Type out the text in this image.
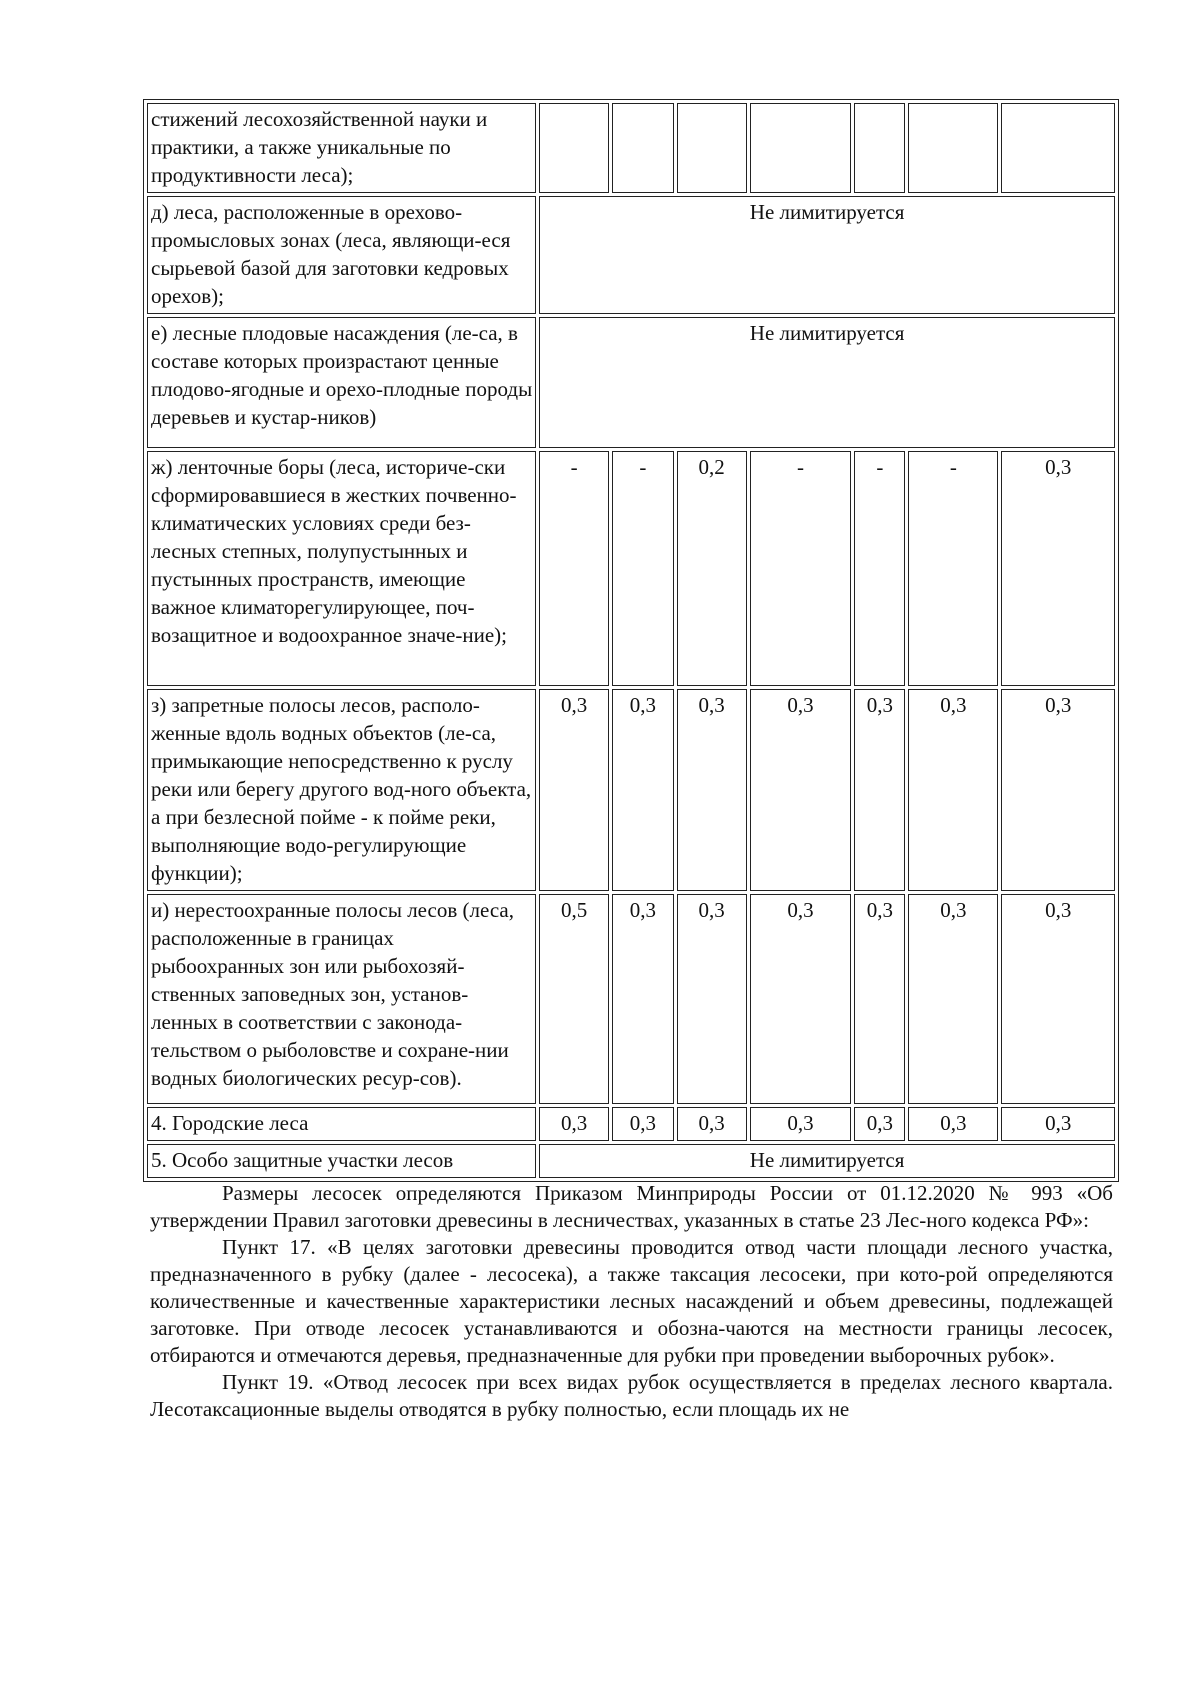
стижений лесохозяйственной науки и практики, а также уникальные по продуктивности леса);							
д) леса, расположенные в орехово-промысловых зонах (леса, являющи-еся сырьевой базой для заготовки кедровых орехов);	Не лимитируется						
е) лесные плодовые насаждения (ле-са, в составе которых произрастают ценные плодово-ягодные и орехо-плодные породы деревьев и кустар-ников)	Не лимитируется						
ж) ленточные боры (леса, историче-ски сформировавшиеся в жестких почвенно-климатических условиях среди без-лесных степных, полупустынных и пустынных пространств, имеющие важное климаторегулирующее, поч-возащитное и водоохранное значе-ние);	-	-	0,2	-	-	-	0,3
з) запретные полосы лесов, располо-женные вдоль водных объектов (ле-са, примыкающие непосредственно к руслу реки или берегу другого вод-ного объекта, а при безлесной пойме - к пойме реки, выполняющие водо-регулирующие функции);	0,3	0,3	0,3	0,3	0,3	0,3	0,3
и) нерестоохранные полосы лесов (леса, расположенные в границах рыбоохранных зон или рыбохозяй-ственных заповедных зон, установ-ленных в соответствии с законода-тельством о рыболовстве и сохране-нии водных биологических ресур-сов).	0,5	0,3	0,3	0,3	0,3	0,3	0,3
4. Городские леса	0,3	0,3	0,3	0,3	0,3	0,3	0,3
5. Особо защитные участки лесов	Не лимитируется						

Размеры лесосек определяются Приказом Минприроды России от 01.12.2020 № 993 «Об утверждении Правил заготовки древесины в лесничествах, указанных в статье 23 Лес-ного кодекса РФ»:

Пункт 17. «В целях заготовки древесины проводится отвод части площади лесного участка, предназначенного в рубку (далее - лесосека), а также таксация лесосеки, при кото-рой определяются количественные и качественные характеристики лесных насаждений и объем древесины, подлежащей заготовке. При отводе лесосек устанавливаются и обозна-чаются на местности границы лесосек, отбираются и отмечаются деревья, предназначенные для рубки при проведении выборочных рубок».

Пункт 19. «Отвод лесосек при всех видах рубок осуществляется в пределах лесного квартала. Лесотаксационные выделы отводятся в рубку полностью, если площадь их не
